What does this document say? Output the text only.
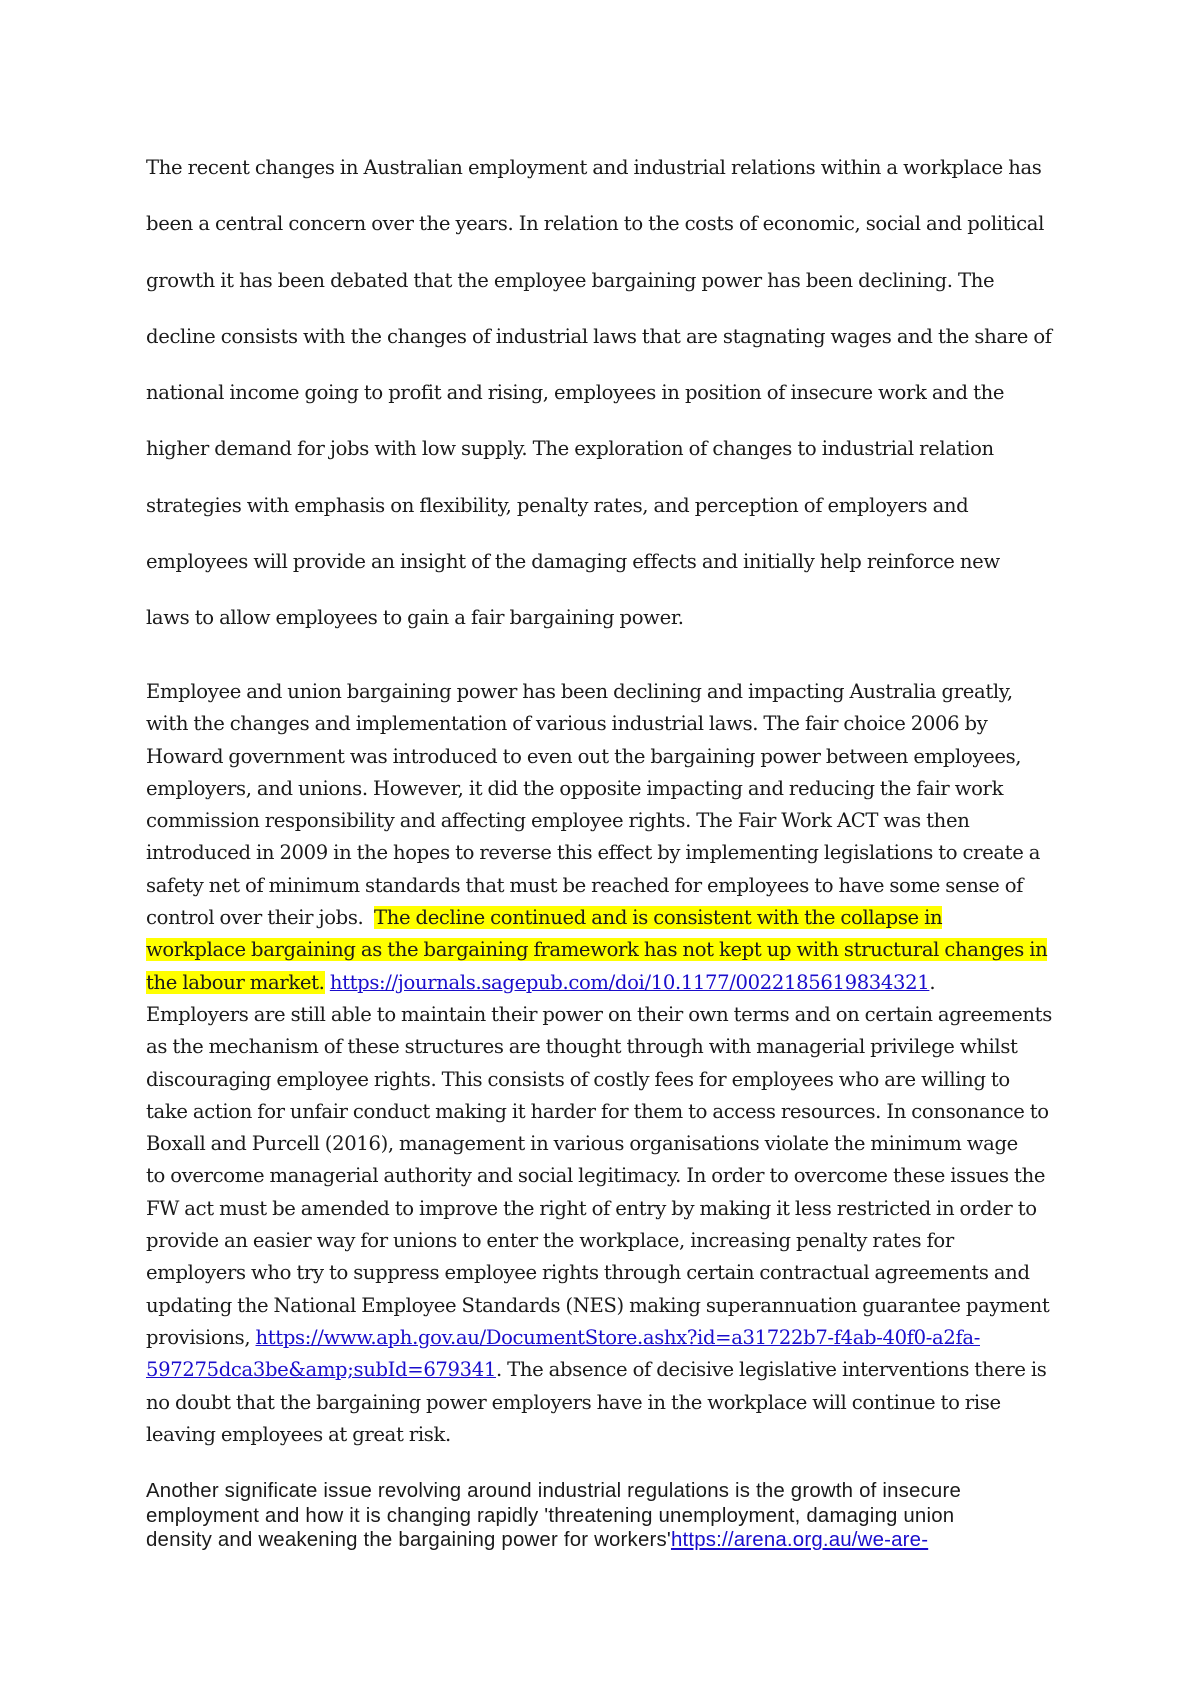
The recent changes in Australian employment and industrial relations within a workplace has
been a central concern over the years. In relation to the costs of economic, social and political
growth it has been debated that the employee bargaining power has been declining. The
decline consists with the changes of industrial laws that are stagnating wages and the share of
national income going to profit and rising, employees in position of insecure work and the
higher demand for jobs with low supply. The exploration of changes to industrial relation
strategies with emphasis on flexibility, penalty rates, and perception of employers and
employees will provide an insight of the damaging effects and initially help reinforce new
laws to allow employees to gain a fair bargaining power.
Employee and union bargaining power has been declining and impacting Australia greatly,
with the changes and implementation of various industrial laws. The fair choice 2006 by
Howard government was introduced to even out the bargaining power between employees,
employers, and unions. However, it did the opposite impacting and reducing the fair work
commission responsibility and affecting employee rights. The Fair Work ACT was then
introduced in 2009 in the hopes to reverse this effect by implementing legislations to create a
safety net of minimum standards that must be reached for employees to have some sense of
control over their jobs.  The decline continued and is consistent with the collapse in
workplace bargaining as the bargaining framework has not kept up with structural changes in
the labour market. https://journals.sagepub.com/doi/10.1177/0022185619834321.
Employers are still able to maintain their power on their own terms and on certain agreements
as the mechanism of these structures are thought through with managerial privilege whilst
discouraging employee rights. This consists of costly fees for employees who are willing to
take action for unfair conduct making it harder for them to access resources. In consonance to
Boxall and Purcell (2016), management in various organisations violate the minimum wage
to overcome managerial authority and social legitimacy. In order to overcome these issues the
FW act must be amended to improve the right of entry by making it less restricted in order to
provide an easier way for unions to enter the workplace, increasing penalty rates for
employers who try to suppress employee rights through certain contractual agreements and
updating the National Employee Standards (NES) making superannuation guarantee payment
provisions, https://www.aph.gov.au/DocumentStore.ashx?id=a31722b7-f4ab-40f0-a2fa-
597275dca3be&amp;subId=679341. The absence of decisive legislative interventions there is
no doubt that the bargaining power employers have in the workplace will continue to rise
leaving employees at great risk.
Another significate issue revolving around industrial regulations is the growth of insecure
employment and how it is changing rapidly 'threatening unemployment, damaging union
density and weakening the bargaining power for workers'https://arena.org.au/we-are-
